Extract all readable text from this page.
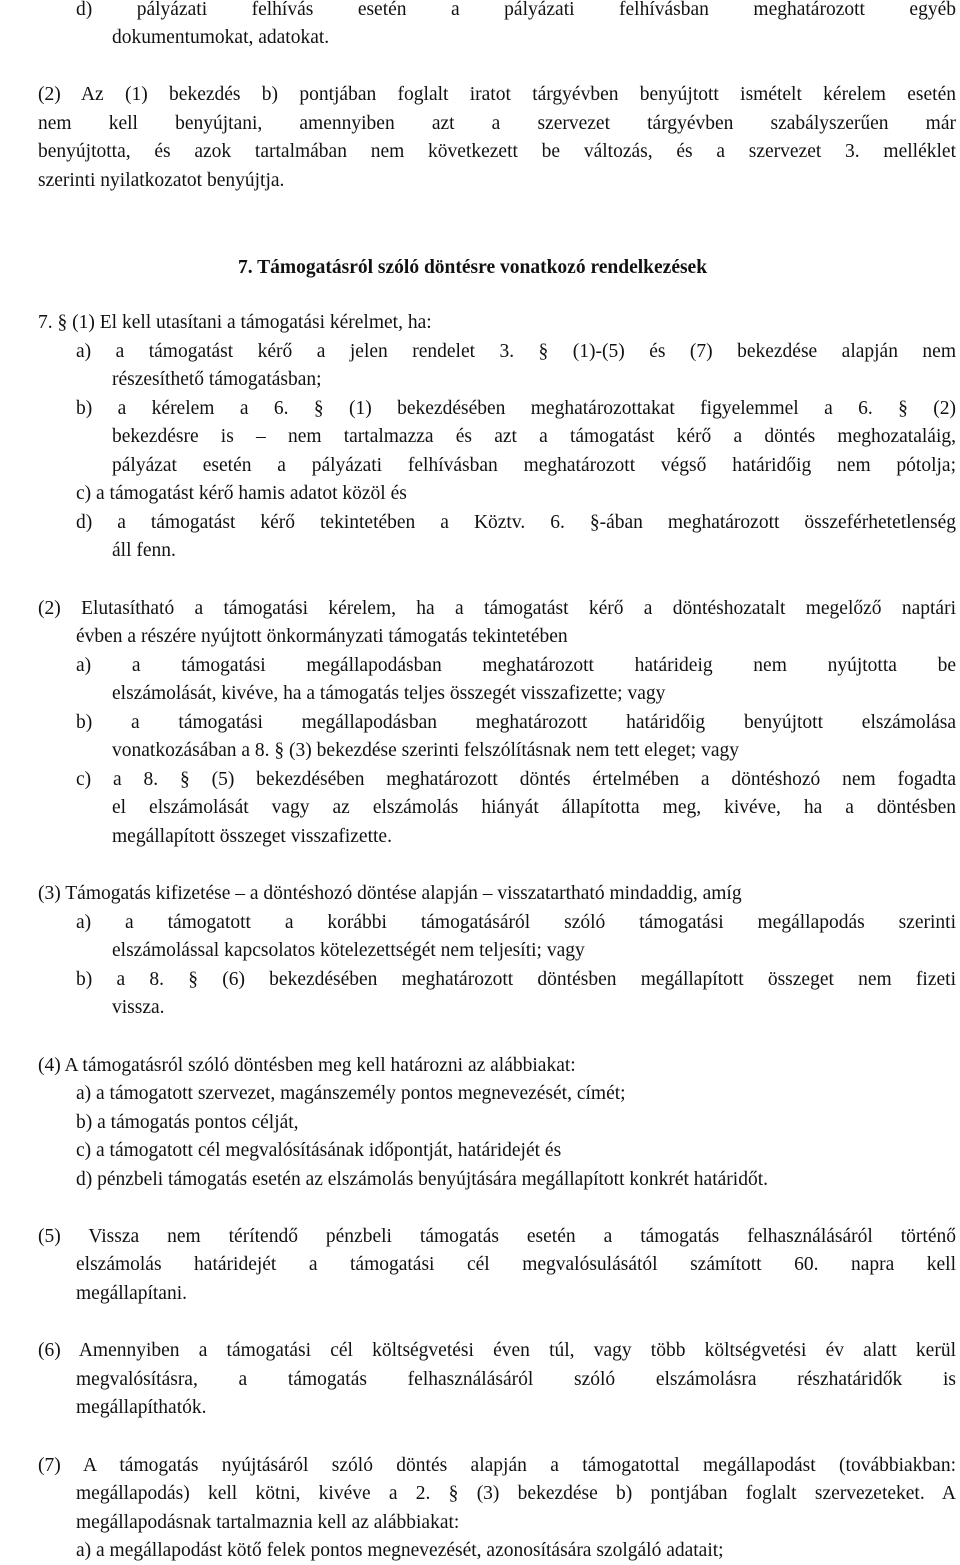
d) pályázati felhívás esetén a pályázati felhívásban meghatározott egyéb
dokumentumokat, adatokat.
(2) Az (1) bekezdés b) pontjában foglalt iratot tárgyévben benyújtott ismételt kérelem esetén
nem kell benyújtani, amennyiben azt a szervezet tárgyévben szabályszerűen már
benyújtotta, és azok tartalmában nem következett be változás, és a szervezet 3. melléklet
szerinti nyilatkozatot benyújtja.
7. Támogatásról szóló döntésre vonatkozó rendelkezések
7. § (1) El kell utasítani a támogatási kérelmet, ha:
a) a támogatást kérő a jelen rendelet 3. § (1)-(5) és (7) bekezdése alapján nem
részesíthető támogatásban;
b) a kérelem a 6. § (1) bekezdésében meghatározottakat figyelemmel a 6. § (2)
bekezdésre is – nem tartalmazza és azt a támogatást kérő a döntés meghozataláig,
pályázat esetén a pályázati felhívásban meghatározott végső határidőig nem pótolja;
c) a támogatást kérő hamis adatot közöl és
d) a támogatást kérő tekintetében a Köztv. 6. §-ában meghatározott összeférhetetlenség
áll fenn.
(2) Elutasítható a támogatási kérelem, ha a támogatást kérő a döntéshozatalt megelőző naptári
évben a részére nyújtott önkormányzati támogatás tekintetében
a) a támogatási megállapodásban meghatározott határideig nem nyújtotta be
elszámolását, kivéve, ha a támogatás teljes összegét visszafizette; vagy
b) a támogatási megállapodásban meghatározott határidőig benyújtott elszámolása
vonatkozásában a 8. § (3) bekezdése szerinti felszólításnak nem tett eleget; vagy
c) a 8. § (5) bekezdésében meghatározott döntés értelmében a döntéshozó nem fogadta
el elszámolását vagy az elszámolás hiányát állapította meg, kivéve, ha a döntésben
megállapított összeget visszafizette.
(3) Támogatás kifizetése – a döntéshozó döntése alapján – visszatartható mindaddig, amíg
a) a támogatott a korábbi támogatásáról szóló támogatási megállapodás szerinti
elszámolással kapcsolatos kötelezettségét nem teljesíti; vagy
b) a 8. § (6) bekezdésében meghatározott döntésben megállapított összeget nem fizeti
vissza.
(4) A támogatásról szóló döntésben meg kell határozni az alábbiakat:
a) a támogatott szervezet, magánszemély pontos megnevezését, címét;
b) a támogatás pontos célját,
c) a támogatott cél megvalósításának időpontját, határidejét és
d) pénzbeli támogatás esetén az elszámolás benyújtására megállapított konkrét határidőt.
(5) Vissza nem térítendő pénzbeli támogatás esetén a támogatás felhasználásáról történő
elszámolás határidejét a támogatási cél megvalósulásától számított 60. napra kell
megállapítani.
(6) Amennyiben a támogatási cél költségvetési éven túl, vagy több költségvetési év alatt kerül
megvalósításra, a támogatás felhasználásáról szóló elszámolásra részhatáridők is
megállapíthatók.
(7) A támogatás nyújtásáról szóló döntés alapján a támogatottal megállapodást (továbbiakban:
megállapodás) kell kötni, kivéve a 2. § (3) bekezdése b) pontjában foglalt szervezeteket. A
megállapodásnak tartalmaznia kell az alábbiakat:
a) a megállapodást kötő felek pontos megnevezését, azonosítására szolgáló adatait;
